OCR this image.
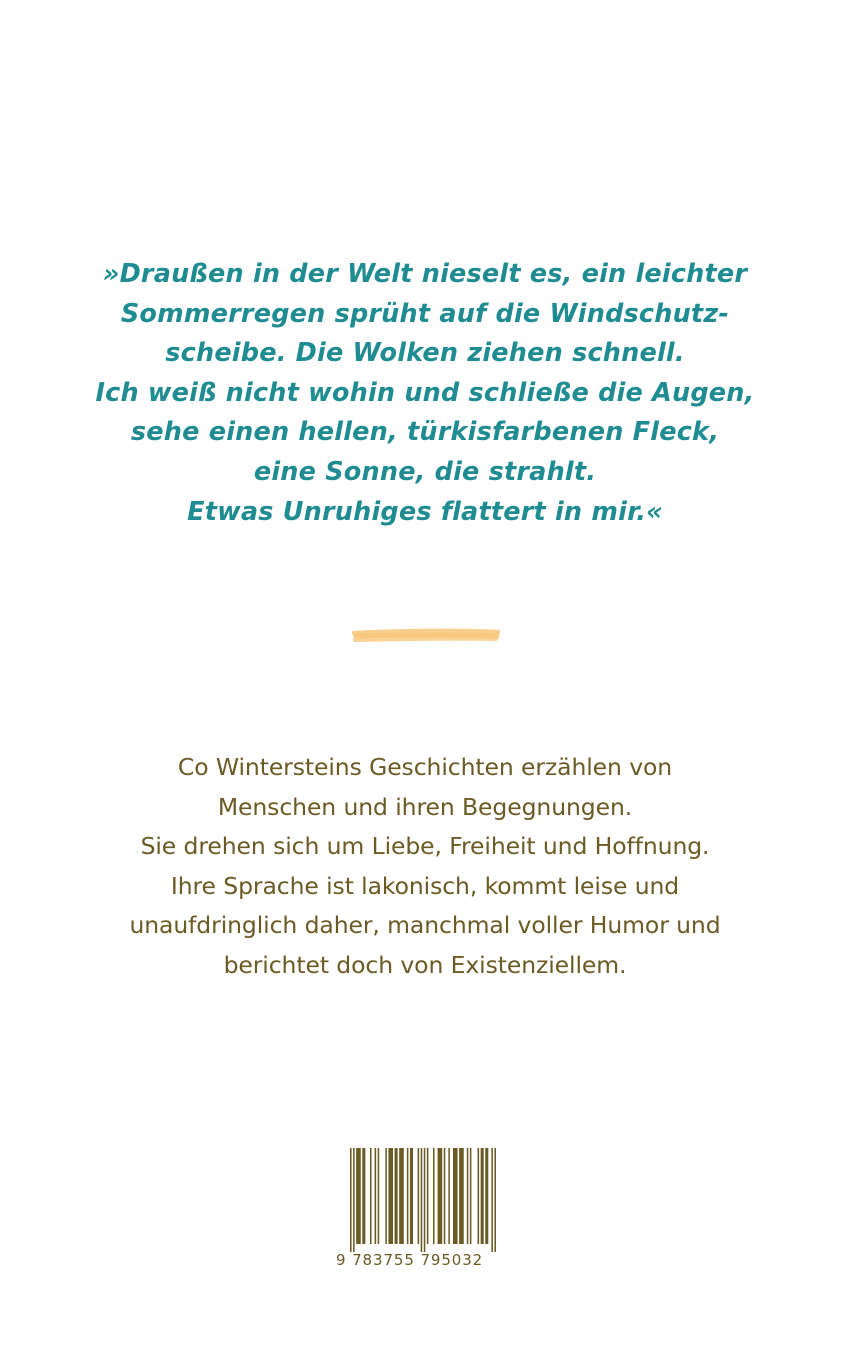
»Draußen in der Welt nieselt es, ein leichter
Sommerregen sprüht auf die Windschutz-
scheibe. Die Wolken ziehen schnell.
Ich weiß nicht wohin und schließe die Augen,
sehe einen hellen, türkisfarbenen Fleck,
eine Sonne, die strahlt.
Etwas Unruhiges flattert in mir.«
Co Wintersteins Geschichten erzählen von
Menschen und ihren Begegnungen.
Sie drehen sich um Liebe, Freiheit und Hoffnung.
Ihre Sprache ist lakonisch, kommt leise und
unaufdringlich daher, manchmal voller Humor und
berichtet doch von Existenziellem.
9 783755 795032
